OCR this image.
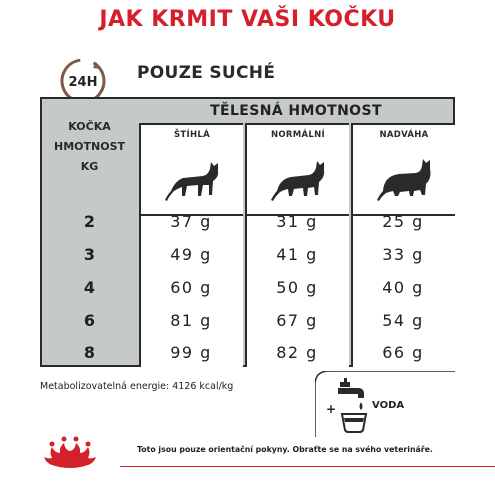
JAK KRMIT VAŠI KOČKU
24H POUZE SUCHÉ
TĚLESNÁ HMOTNOST
KOČKA
HMOTNOST
KG
ŠTÍHLÁ	NORMÁLNÍ	NADVÁHA
2	37 g	31 g	25 g
3	49 g	41 g	33 g
4	60 g	50 g	40 g
6	81 g	67 g	54 g
8	99 g	82 g	66 g
Metabolizovatelná energie: 4126 kcal/kg
+	VODA
Toto jsou pouze orientační pokyny. Obraťte se na svého veterináře.
